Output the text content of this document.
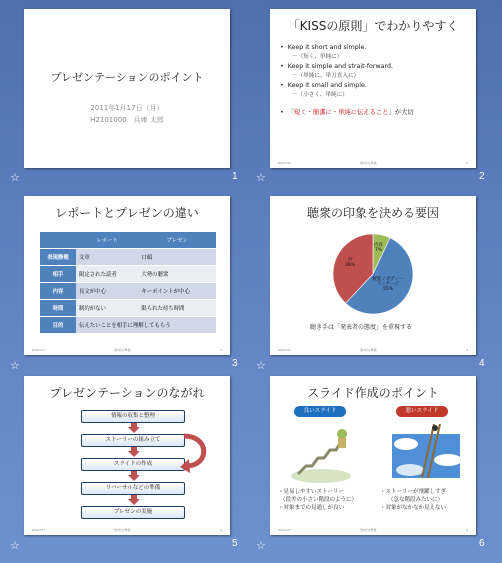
プレゼンテーションのポイント
2011年1月17日（月）
H2101000　兵庫 太郎
☆	1
「KISSの原則」でわかりやすく
• Keep it short and simple.
－（短く、単純に）
• Keep it simple and strait-forward.
－（単純に、単刀直入に）
• Keep it small and simple.
－（小さく、単純に）
• 「短く・簡潔に・単純に伝えること」が大切
2011/1/17	第2回の準備	2
☆	2
レポートとプレゼンの違い
	レポート	プレゼン
表現静態	文章	口頭
相手	限定された読者	大勢の聴衆
内容	長文が中心	キーポイントが中心
時間	制約がない	限られた持ち時間
目的	伝えたいことを相手に理解してもらう	
2011/1/17	第3回の準備	3
☆	3
聴衆の印象を決める要因
内容
7%
視覚ノボディー
ランゲージ
55%
声
38%
聴き手は「発表者の態度」を重視する
2011/1/17	第4回の準備	4
☆	4
プレゼンテーションのながれ
情報の収集と整理
ストーリーの組み立て
スライドの作成
リハーサルなどの準備
プレゼンの実施
2011/1/17	第5回の準備	5
☆	5
スライド作成のポイント
良いスライド	悪いスライド
・見易しやすいストーリー
（段差の小さい階段のように）
・対象までの見通しが良い
・ストーリーが飛躍しすぎ
（急な階段みたいに）
・対象がなかなか見えない
2011/1/17	第6回の準備	6
☆	6
